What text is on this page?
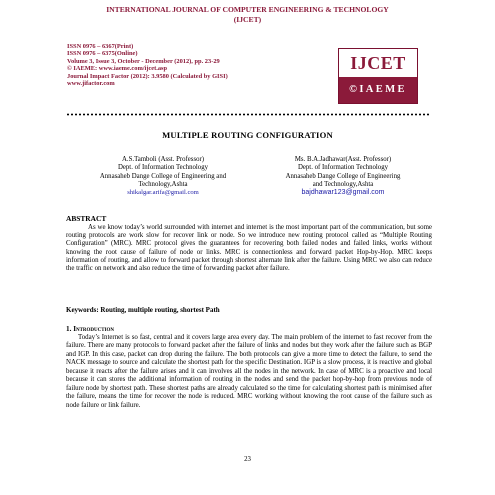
INTERNATIONAL JOURNAL OF COMPUTER ENGINEERING & TECHNOLOGY
(IJCET)
ISSN 0976 – 6367(Print)
ISSN 0976 – 6375(Online)
Volume 3, Issue 3, October - December (2012), pp. 23-29
© IAEME: www.iaeme.com/ijcet.asp
Journal Impact Factor (2012): 3.9580 (Calculated by GISI)
www.jifactor.com
IJCET
©IAEME
MULTIPLE ROUTING CONFIGURATION
A.S.Tamboli (Asst. Professor)
Dept. of Information Technology
Annasaheb Dange College of Engineering and
Technology,Ashta
shikalgar.arifa@gmail.com
Ms. B.A.Jadhawar(Asst. Professor)
Dept. of Information Technology
Annasaheb Dange College of Engineering
and Technology,Ashta
bajdhawar123@gmail.com
ABSTRACT
As we know today’s world surrounded with internet and internet is the most important part of the communication, but some routing protocols are work slow for recover link or node. So we introduce new routing protocol called as “Multiple Routing Configuration” (MRC). MRC protocol gives the guarantees for recovering both failed nodes and failed links, works without knowing the root cause of failure of node or links. MRC is connectionless and forward packet Hop-by-Hop. MRC keeps information of routing, and allow to forward packet through shortest alternate link after the failure. Using MRC we also can reduce the traffic on network and also reduce the time of forwarding packet after failure.
Keywords: Routing, multiple routing, shortest Path
1. Introduction
Today’s Internet is so fast, central and it covers large area every day. The main problem of the internet to fast recover from the failure. There are many protocols to forward packet after the failure of links and nodes but they work after the failure such as BGP and IGP. In this case, packet can drop during the failure. The both protocols can give a more time to detect the failure, to send the NACK message to source and calculate the shortest path for the specific Destination. IGP is a slow process, it is reactive and global because it reacts after the failure arises and it can involves all the nodes in the network. In case of MRC is a proactive and local because it can stores the additional information of routing in the nodes and send the packet hop-by-hop from previous node of failure node by shortest path. These shortest paths are already calculated so the time for calculating shortest path is minimised after the failure, means the time for recover the node is reduced. MRC working without knowing the root cause of the failure such as node failure or link failure.
23
